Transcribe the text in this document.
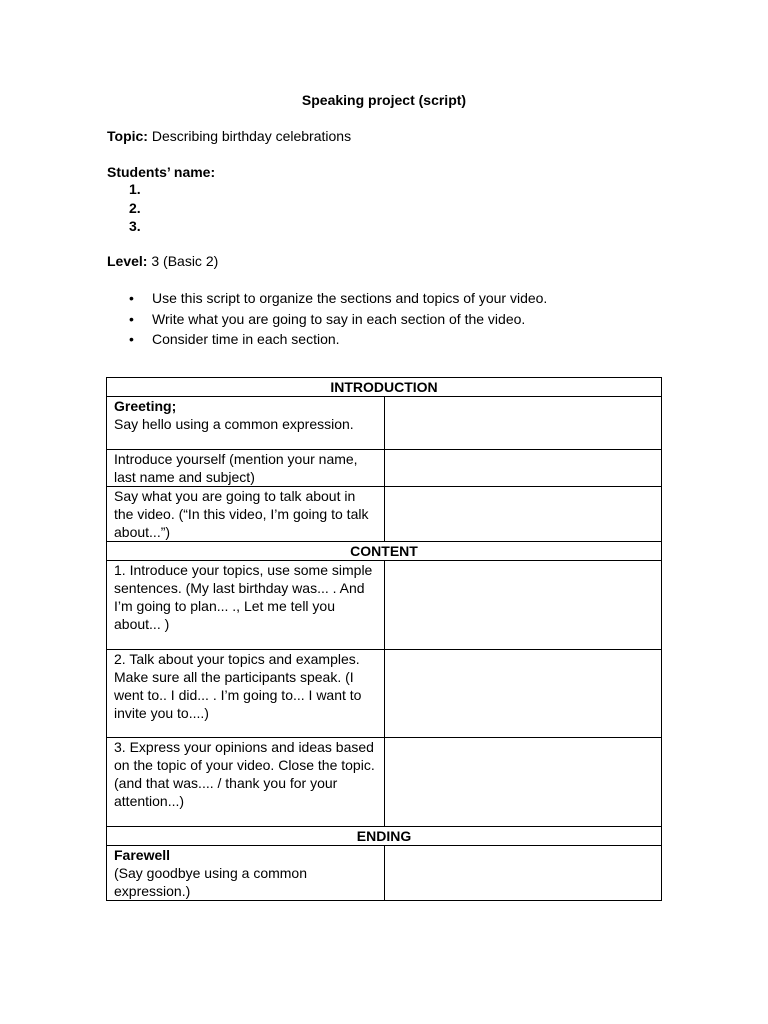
Speaking project (script)
Topic: Describing birthday celebrations
Students’ name:
1.
2.
3.
Level: 3 (Basic 2)
• Use this script to organize the sections and topics of your video.
• Write what you are going to say in each section of the video.
• Consider time in each section.
INTRODUCTION	

Greeting;
Say hello using a common expression.	
Introduce yourself (mention your name, last name and subject)	
Say what you are going to talk about in the video. (“In this video, I’m going to talk about...”)	
CONTENT	
1. Introduce your topics, use some simple sentences. (My last birthday was... . And I’m going to plan... ., Let me tell you about... )	
2. Talk about your topics and examples. Make sure all the participants speak. (I went to.. I did... . I’m going to... I want to invite you to....)	
3. Express your opinions and ideas based on the topic of your video. Close the topic. (and that was.... / thank you for your attention...)	
ENDING	

Farewell
(Say goodbye using a common expression.)	
